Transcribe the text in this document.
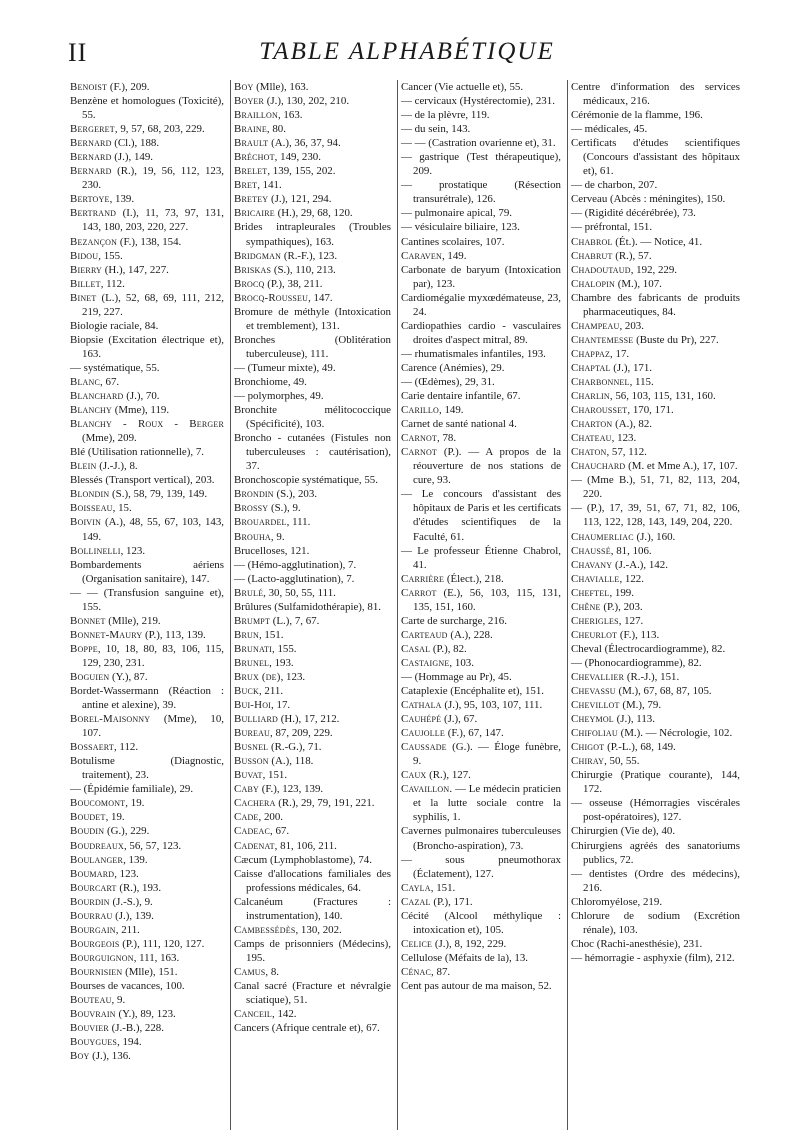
II	TABLE ALPHABÉTIQUE

Benoist (F.), 209.

Benzène et homologues (Toxicité), 55.

Bergeret, 9, 57, 68, 203, 229.

Bernard (Cl.), 188.

Bernard (J.), 149.

Bernard (R.), 19, 56, 112, 123, 230.

Bertoye, 139.

Bertrand (I.), 11, 73, 97, 131, 143, 180, 203, 220, 227.

Bezançon (F.), 138, 154.

Bidou, 155.

Bierry (H.), 147, 227.

Billet, 112.

Binet (L.), 52, 68, 69, 111, 212, 219, 227.

Biologie raciale, 84.

Biopsie (Excitation électrique et), 163.

— systématique, 55.

Blanc, 67.

Blanchard (J.), 70.

Blanchy (Mme), 119.

Blanchy - Roux - Berger (Mme), 209.

Blé (Utilisation rationnelle), 7.

Blein (J.-J.), 8.

Blessés (Transport vertical), 203.

Blondin (S.), 58, 79, 139, 149.

Boisseau, 15.

Boivin (A.), 48, 55, 67, 103, 143, 149.

Bollinelli, 123.

Bombardements aériens (Organisation sanitaire), 147.

— — (Transfusion sanguine et), 155.

Bonnet (Mlle), 219.

Bonnet-Maury (P.), 113, 139.

Boppe, 10, 18, 80, 83, 106, 115, 129, 230, 231.

Boguien (Y.), 87.

Bordet-Wassermann (Réaction : antine et alexine), 39.

Borel-Maisonny (Mme), 10, 107.

Bossaert, 112.

Botulisme (Diagnostic, traitement), 23.

— (Épidémie familiale), 29.

Boucomont, 19.

Boudet, 19.

Boudin (G.), 229.

Boudreaux, 56, 57, 123.

Boulanger, 139.

Boumard, 123.

Bourcart (R.), 193.

Bourdin (J.-S.), 9.

Bourrau (J.), 139.

Bourgain, 211.

Bourgeois (P.), 111, 120, 127.

Bourguignon, 111, 163.

Bournisien (Mlle), 151.

Bourses de vacances, 100.

Bouteau, 9.

Bouvrain (Y.), 89, 123.

Bouvier (J.-B.), 228.

Bouygues, 194.

Boy (J.), 136.

Boy (Mlle), 163.

Boyer (J.), 130, 202, 210.

Braillon, 163.

Braine, 80.

Brault (A.), 36, 37, 94.

Bréchot, 149, 230.

Brelet, 139, 155, 202.

Bret, 141.

Bretey (J.), 121, 294.

Bricaire (H.), 29, 68, 120.

Brides intrapleurales (Troubles sympathiques), 163.

Bridgman (R.-F.), 123.

Briskas (S.), 110, 213.

Brocq (P.), 38, 211.

Brocq-Rousseu, 147.

Bromure de méthyle (Intoxication et tremblement), 131.

Bronches (Oblitération tuberculeuse), 111.

— (Tumeur mixte), 49.

Bronchiome, 49.

— polymorphes, 49.

Bronchite mélitococcique (Spécificité), 103.

Broncho - cutanées (Fistules non tuberculeuses : cautérisation), 37.

Bronchoscopie systématique, 55.

Brondin (S.), 203.

Brossy (S.), 9.

Brouardel, 111.

Brouha, 9.

Brucelloses, 121.

— (Hémo-agglutination), 7.

— (Lacto-agglutination), 7.

Brulé, 30, 50, 55, 111.

Brûlures (Sulfamidothérapie), 81.

Brumpt (L.), 7, 67.

Brun, 151.

Brunati, 155.

Brunel, 193.

Brux (de), 123.

Buck, 211.

Bui-Hoi, 17.

Bulliard (H.), 17, 212.

Bureau, 87, 209, 229.

Busnel (R.-G.), 71.

Busson (A.), 118.

Buvat, 151.

Caby (F.), 123, 139.

Cachera (R.), 29, 79, 191, 221.

Cade, 200.

Cadeac, 67.

Cadenat, 81, 106, 211.

Cæcum (Lymphoblastome), 74.

Caisse d'allocations familiales des professions médicales, 64.

Calcanéum (Fractures : instrumentation), 140.

Cambessédès, 130, 202.

Camps de prisonniers (Médecins), 195.

Camus, 8.

Canal sacré (Fracture et névralgie sciatique), 51.

Canceil, 142.

Cancers (Afrique centrale et), 67.

Cancer (Vie actuelle et), 55.

— cervicaux (Hystérectomie), 231.

— de la plèvre, 119.

— du sein, 143.

— — (Castration ovarienne et), 31.

— gastrique (Test thérapeutique), 209.

— prostatique (Résection transurétrale), 126.

— pulmonaire apical, 79.

— vésiculaire biliaire, 123.

Cantines scolaires, 107.

Caraven, 149.

Carbonate de baryum (Intoxication par), 123.

Cardiomégalie myxœdémateuse, 23, 24.

Cardiopathies cardio - vasculaires droites d'aspect mitral, 89.

— rhumatismales infantiles, 193.

Carence (Anémies), 29.

— (Œdèmes), 29, 31.

Carie dentaire infantile, 67.

Carillo, 149.

Carnet de santé national 4.

Carnot, 78.

Carnot (P.). — A propos de la réouverture de nos stations de cure, 93.

— Le concours d'assistant des hôpitaux de Paris et les certificats d'études scientifiques de la Faculté, 61.

— Le professeur Étienne Chabrol, 41.

Carrière (Élect.), 218.

Carrot (E.), 56, 103, 115, 131, 135, 151, 160.

Carte de surcharge, 216.

Carteaud (A.), 228.

Casal (P.), 82.

Castaigne, 103.

— (Hommage au Pr), 45.

Cataplexie (Encéphalite et), 151.

Cathala (J.), 95, 103, 107, 111.

Cauhépé (J.), 67.

Caujolle (F.), 67, 147.

Caussade (G.). — Éloge funèbre, 9.

Caux (R.), 127.

Cavaillon. — Le médecin praticien et la lutte sociale contre la syphilis, 1.

Cavernes pulmonaires tuberculeuses (Broncho-aspiration), 73.

— sous pneumothorax (Éclatement), 127.

Cayla, 151.

Cazal (P.), 171.

Cécité (Alcool méthylique : intoxication et), 105.

Celice (J.), 8, 192, 229.

Cellulose (Méfaits de la), 13.

Cénac, 87.

Cent pas autour de ma maison, 52.

Centre d'information des services médicaux, 216.

Cérémonie de la flamme, 196.

— médicales, 45.

Certificats d'études scientifiques (Concours d'assistant des hôpitaux et), 61.

— de charbon, 207.

Cerveau (Abcès : méningites), 150.

— (Rigidité décérébrée), 73.

— préfrontal, 151.

Chabrol (Ét.). — Notice, 41.

Chabrut (R.), 57.

Chadoutaud, 192, 229.

Chalopin (M.), 107.

Chambre des fabricants de produits pharmaceutiques, 84.

Champeau, 203.

Chantemesse (Buste du Pr), 227.

Chappaz, 17.

Chaptal (J.), 171.

Charbonnel, 115.

Charlin, 56, 103, 115, 131, 160.

Charousset, 170, 171.

Charton (A.), 82.

Chateau, 123.

Chaton, 57, 112.

Chauchard (M. et Mme A.), 17, 107.

— (Mme B.), 51, 71, 82, 113, 204, 220.

— (P.), 17, 39, 51, 67, 71, 82, 106, 113, 122, 128, 143, 149, 204, 220.

Chaumerliac (J.), 160.

Chaussé, 81, 106.

Chavany (J.-A.), 142.

Chavialle, 122.

Cheftel, 199.

Chêne (P.), 203.

Cherigles, 127.

Cheurlot (F.), 113.

Cheval (Électrocardiogramme), 82.

— (Phonocardiogramme), 82.

Chevallier (R.-J.), 151.

Chevassu (M.), 67, 68, 87, 105.

Chevillot (M.), 79.

Cheymol (J.), 113.

Chifoliau (M.). — Nécrologie, 102.

Chigot (P.-L.), 68, 149.

Chiray, 50, 55.

Chirurgie (Pratique courante), 144, 172.

— osseuse (Hémorragies viscérales post-opératoires), 127.

Chirurgien (Vie de), 40.

Chirurgiens agréés des sanatoriums publics, 72.

— dentistes (Ordre des médecins), 216.

Chloromyélose, 219.

Chlorure de sodium (Excrétion rénale), 103.

Choc (Rachi-anesthésie), 231.

— hémorragie - asphyxie (film), 212.
